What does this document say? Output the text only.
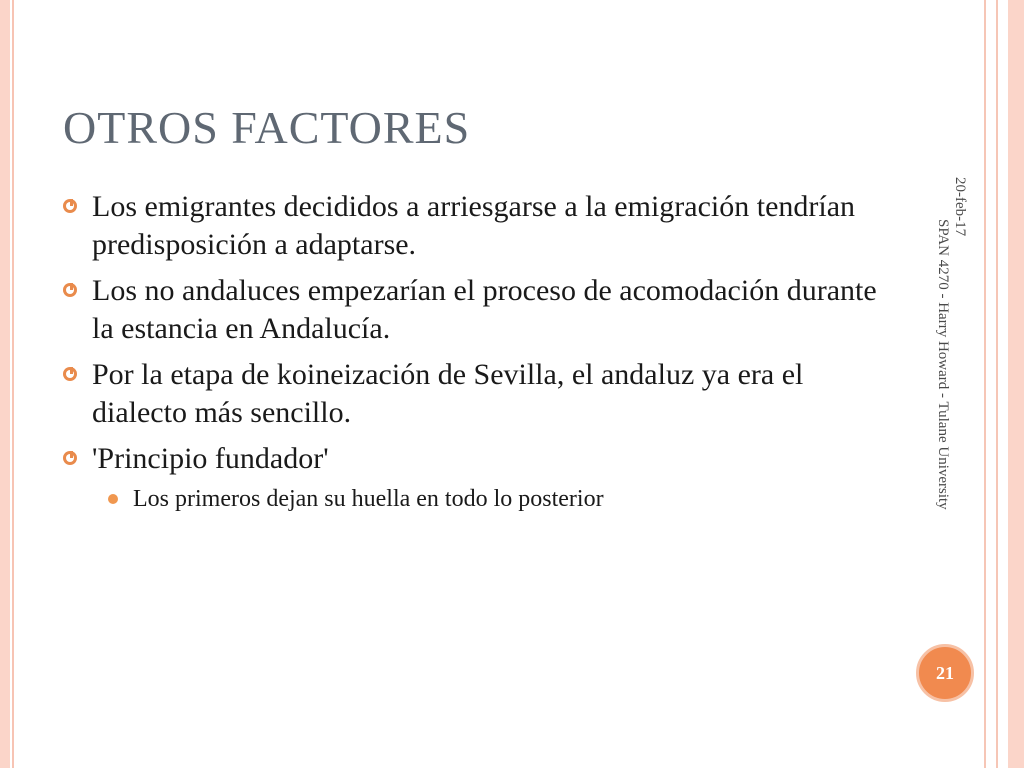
OTROS FACTORES
Los emigrantes decididos a arriesgarse a la emigración tendrían predisposición a adaptarse.
Los no andaluces empezarían el proceso de acomodación durante la estancia en Andalucía.
Por la etapa de koineización de Sevilla, el andaluz ya era el dialecto más sencillo.
'Principio fundador'
Los primeros dejan su huella en todo lo posterior
20-feb-17
SPAN 4270 - Harry Howard - Tulane University
21
